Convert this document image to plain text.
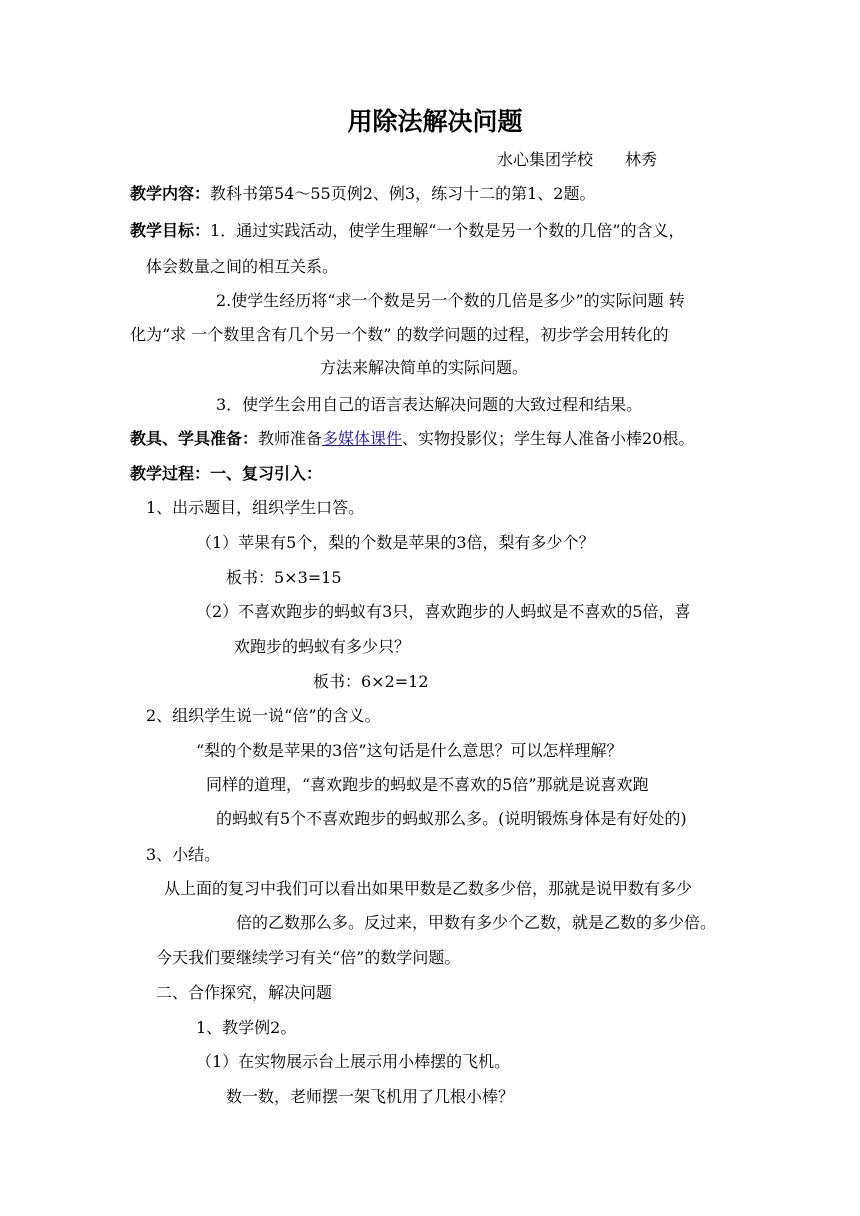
用除法解决问题
水心集团学校　　林秀
教学内容：教科书第54～55页例2、例3，练习十二的第1、2题。
教学目标：1．通过实践活动，使学生理解“一个数是另一个数的几倍”的含义，
体会数量之间的相互关系。
2.使学生经历将“求一个数是另一个数的几倍是多少”的实际问题 转
化为“求 一个数里含有几个另一个数” 的数学问题的过程，初步学会用转化的
方法来解决简单的实际问题。
3．使学生会用自己的语言表达解决问题的大致过程和结果。
教具、学具准备：教师准备多媒体课件、实物投影仪；学生每人准备小棒20根。
教学过程：一、复习引入：
1、出示题目，组织学生口答。
（1）苹果有5个，梨的个数是苹果的3倍，梨有多少个？
板书：5×3=15
（2）不喜欢跑步的蚂蚁有3只，喜欢跑步的人蚂蚁是不喜欢的5倍，喜
欢跑步的蚂蚁有多少只？
板书：6×2=12
2、组织学生说一说“倍”的含义。
“梨的个数是苹果的3倍”这句话是什么意思？可以怎样理解？
同样的道理，“喜欢跑步的蚂蚁是不喜欢的5倍”那就是说喜欢跑
的蚂蚁有5个不喜欢跑步的蚂蚁那么多。(说明锻炼身体是有好处的)
3、小结。
从上面的复习中我们可以看出如果甲数是乙数多少倍，那就是说甲数有多少
倍的乙数那么多。反过来，甲数有多少个乙数，就是乙数的多少倍。
今天我们要继续学习有关“倍”的数学问题。
二、合作探究，解决问题
1、教学例2。
（1）在实物展示台上展示用小棒摆的飞机。
数一数，老师摆一架飞机用了几根小棒？
